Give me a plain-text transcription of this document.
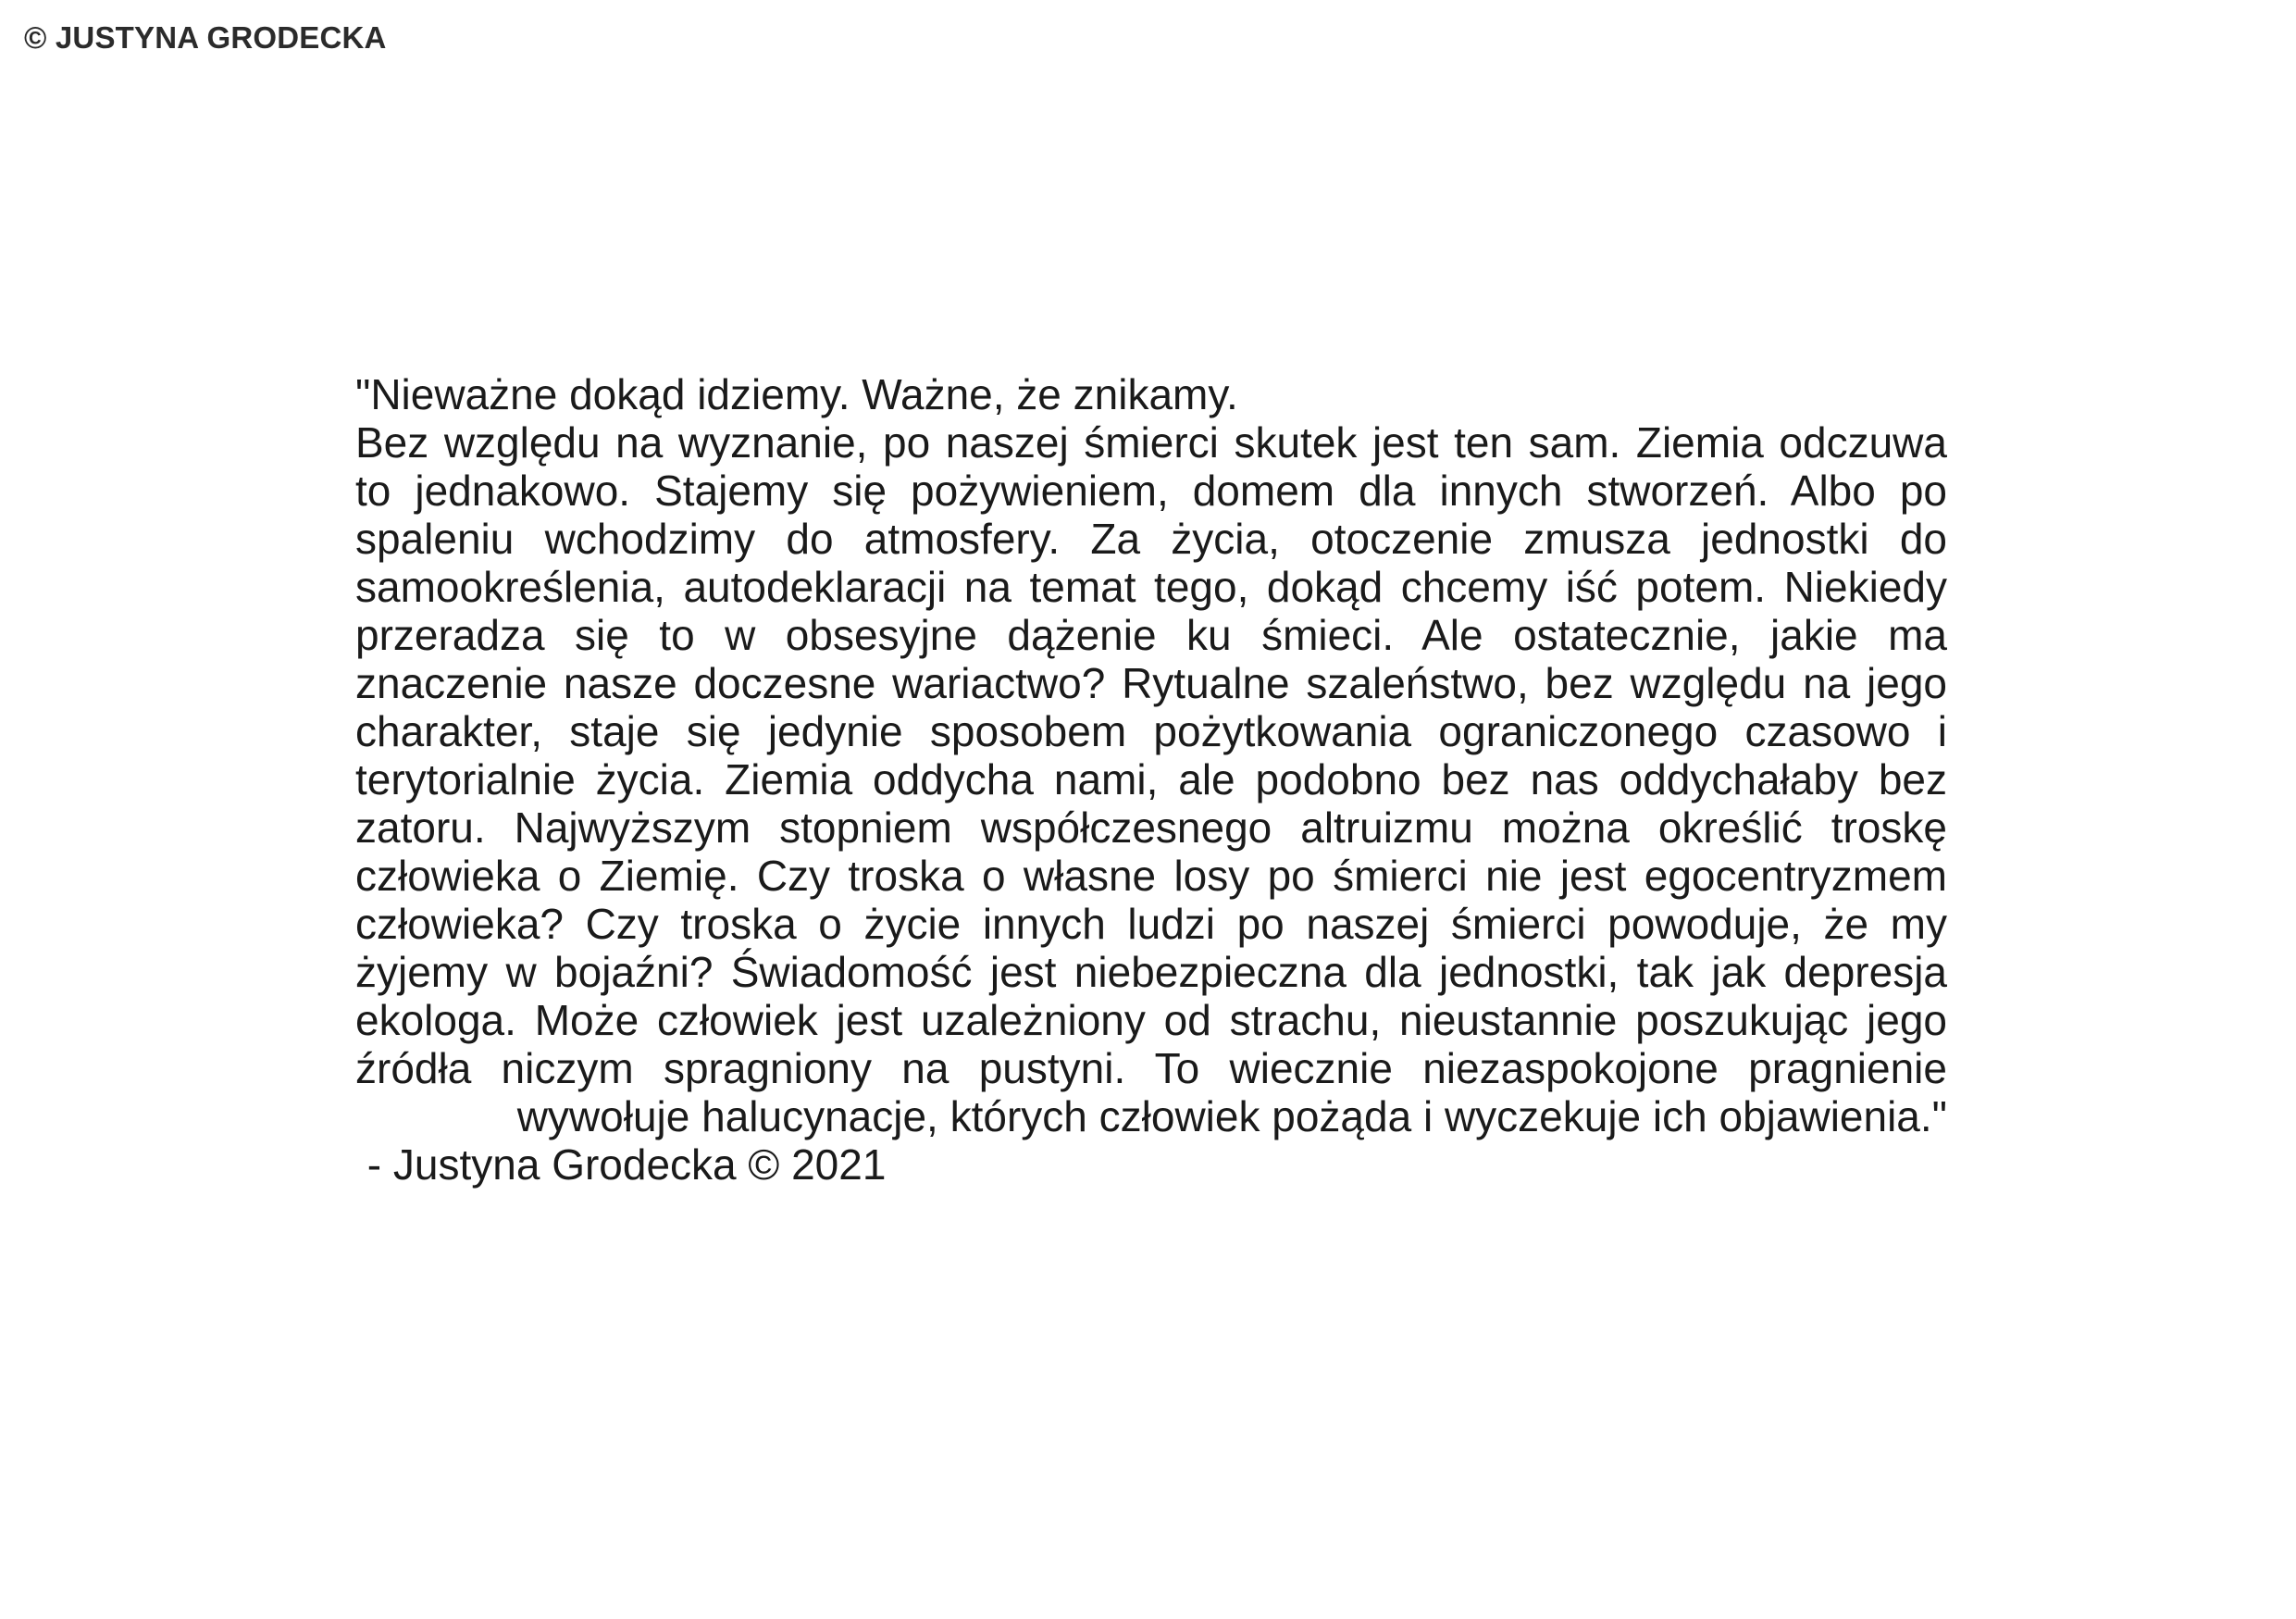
© JUSTYNA GRODECKA

"Nieważne dokąd idziemy. Ważne, że znikamy.

Bez względu na wyznanie, po naszej śmierci skutek jest ten sam. Ziemia odczuwa to jednakowo. Stajemy się pożywieniem, domem dla innych stworzeń. Albo po spaleniu wchodzimy do atmosfery. Za życia, otoczenie zmusza jednostki do samookreślenia, autodeklaracji na temat tego, dokąd chcemy iść potem. Niekiedy przeradza się to w obsesyjne dążenie ku śmieci. Ale ostatecznie, jakie ma znaczenie nasze doczesne wariactwo? Rytualne szaleństwo, bez względu na jego charakter, staje się jedynie sposobem pożytkowania ograniczonego czasowo i terytorialnie życia. Ziemia oddycha nami, ale podobno bez nas oddychałaby bez zatoru. Najwyższym stopniem współczesnego altruizmu można określić troskę człowieka o Ziemię. Czy troska o własne losy po śmierci nie jest egocentryzmem człowieka? Czy troska o życie innych ludzi po naszej śmierci powoduje, że my żyjemy w bojaźni? Świadomość jest niebezpieczna dla jednostki, tak jak depresja ekologa. Może człowiek jest uzależniony od strachu, nieustannie poszukując jego źródła niczym spragniony na pustyni. To wiecznie niezaspokojone pragnienie wywołuje halucynacje, których człowiek pożąda i wyczekuje ich objawienia."

- Justyna Grodecka © 2021
